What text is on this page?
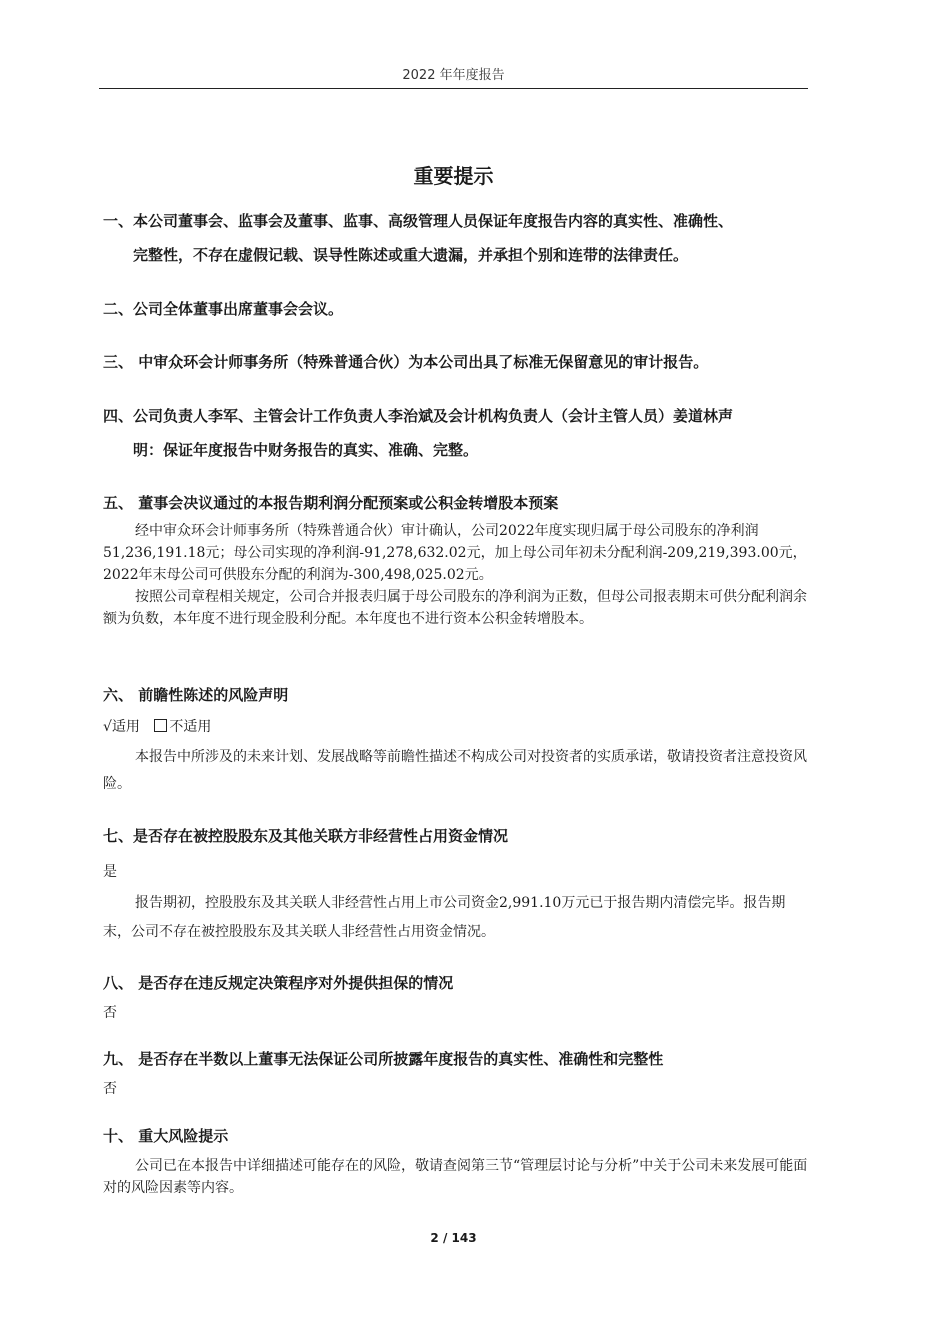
2022 年年度报告
重要提示
一、本公司董事会、监事会及董事、监事、高级管理人员保证年度报告内容的真实性、准确性、
完整性，不存在虚假记载、误导性陈述或重大遗漏，并承担个别和连带的法律责任。
二、公司全体董事出席董事会会议。
三、 中审众环会计师事务所（特殊普通合伙）为本公司出具了标准无保留意见的审计报告。
四、公司负责人李军、主管会计工作负责人李治斌及会计机构负责人（会计主管人员）姜道林声
明：保证年度报告中财务报告的真实、准确、完整。
五、 董事会决议通过的本报告期利润分配预案或公积金转增股本预案

经中审众环会计师事务所（特殊普通合伙）审计确认，公司2022年度实现归属于母公司股东的净利润51,236,191.18元；母公司实现的净利润-91,278,632.02元，加上母公司年初未分配利润-209,219,393.00元，2022年末母公司可供股东分配的利润为-300,498,025.02元。

按照公司章程相关规定，公司合并报表归属于母公司股东的净利润为正数，但母公司报表期末可供分配利润余额为负数，本年度不进行现金股利分配。本年度也不进行资本公积金转增股本。

六、 前瞻性陈述的风险声明
√适用 不适用

本报告中所涉及的未来计划、发展战略等前瞻性描述不构成公司对投资者的实质承诺，敬请投资者注意投资风险。

七、是否存在被控股股东及其他关联方非经营性占用资金情况
是

报告期初，控股股东及其关联人非经营性占用上市公司资金2,991.10万元已于报告期内清偿完毕。报告期末，公司不存在被控股股东及其关联人非经营性占用资金情况。

八、 是否存在违反规定决策程序对外提供担保的情况
否
九、 是否存在半数以上董事无法保证公司所披露年度报告的真实性、准确性和完整性
否
十、 重大风险提示

公司已在本报告中详细描述可能存在的风险，敬请查阅第三节“管理层讨论与分析”中关于公司未来发展可能面对的风险因素等内容。

2 / 143
